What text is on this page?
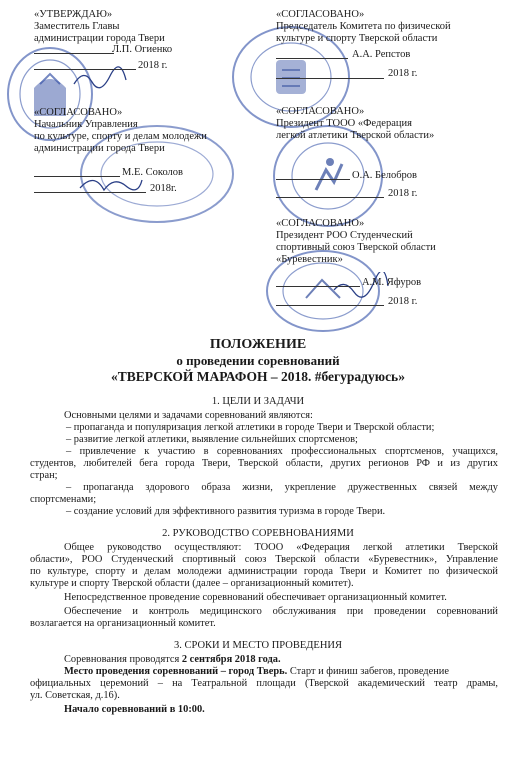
«УТВЕРЖДАЮ»
Заместитель Главы
администрации города Твери
Л.П. Огиенко
2018 г.
«СОГЛАСОВАНО»
Председатель Комитета по физической
культуре и спорту Тверской области
А.А. Репстов
2018 г.
«СОГЛАСОВАНО»
Начальник Управления
по культуре, спорту и делам молодежи
администрации города Твери
М.Е. Соколов
2018г.
«СОГЛАСОВАНО»
Президент ТООО «Федерация
легкой атлетики Тверской области»
О.А. Белобров
2018 г.
«СОГЛАСОВАНО»
Президент РОО Студенческий
спортивный союз Тверской области
«Буревестник»
А.М. Яфуров
2018 г.
ПОЛОЖЕНИЕ
о проведении соревнований
«ТВЕРСКОЙ МАРАФОН – 2018. #бегурадуюсь»
1. ЦЕЛИ И ЗАДАЧИ
Основными целями и задачами соревнований являются:
– пропаганда и популяризация легкой атлетики в городе Твери и Тверской области;
– развитие легкой атлетики, выявление сильнейших спортсменов;
– привлечение к участию в соревнованиях профессиональных спортсменов, учащихся,
студентов, любителей бега города Твери, Тверской области, других регионов РФ и из других
стран;
– пропаганда здорового образа жизни, укрепление дружественных связей между
спортсменами;
– создание условий для эффективного развития туризма в городе Твери.
2. РУКОВОДСТВО СОРЕВНОВАНИЯМИ
Общее руководство осуществляют: ТООО «Федерация легкой атлетики Тверской
области», РОО Студенческий спортивный союз Тверской области «Буревестник», Управление
по культуре, спорту и делам молодежи администрации города Твери и Комитет по физической
культуре и спорту Тверской области (далее – организационный комитет).
Непосредственное проведение соревнований обеспечивает организационный комитет.
Обеспечение и контроль медицинского обслуживания при проведении соревнований
возлагается на организационный комитет.
3. СРОКИ И МЕСТО ПРОВЕДЕНИЯ
Соревнования проводятся 2 сентября 2018 года.
Место проведения соревнований – город Тверь. Старт и финиш забегов, проведение
официальных церемоний – на Театральной площади (Тверской академический театр драмы,
ул. Советская, д.16).
Начало соревнований в 10:00.
